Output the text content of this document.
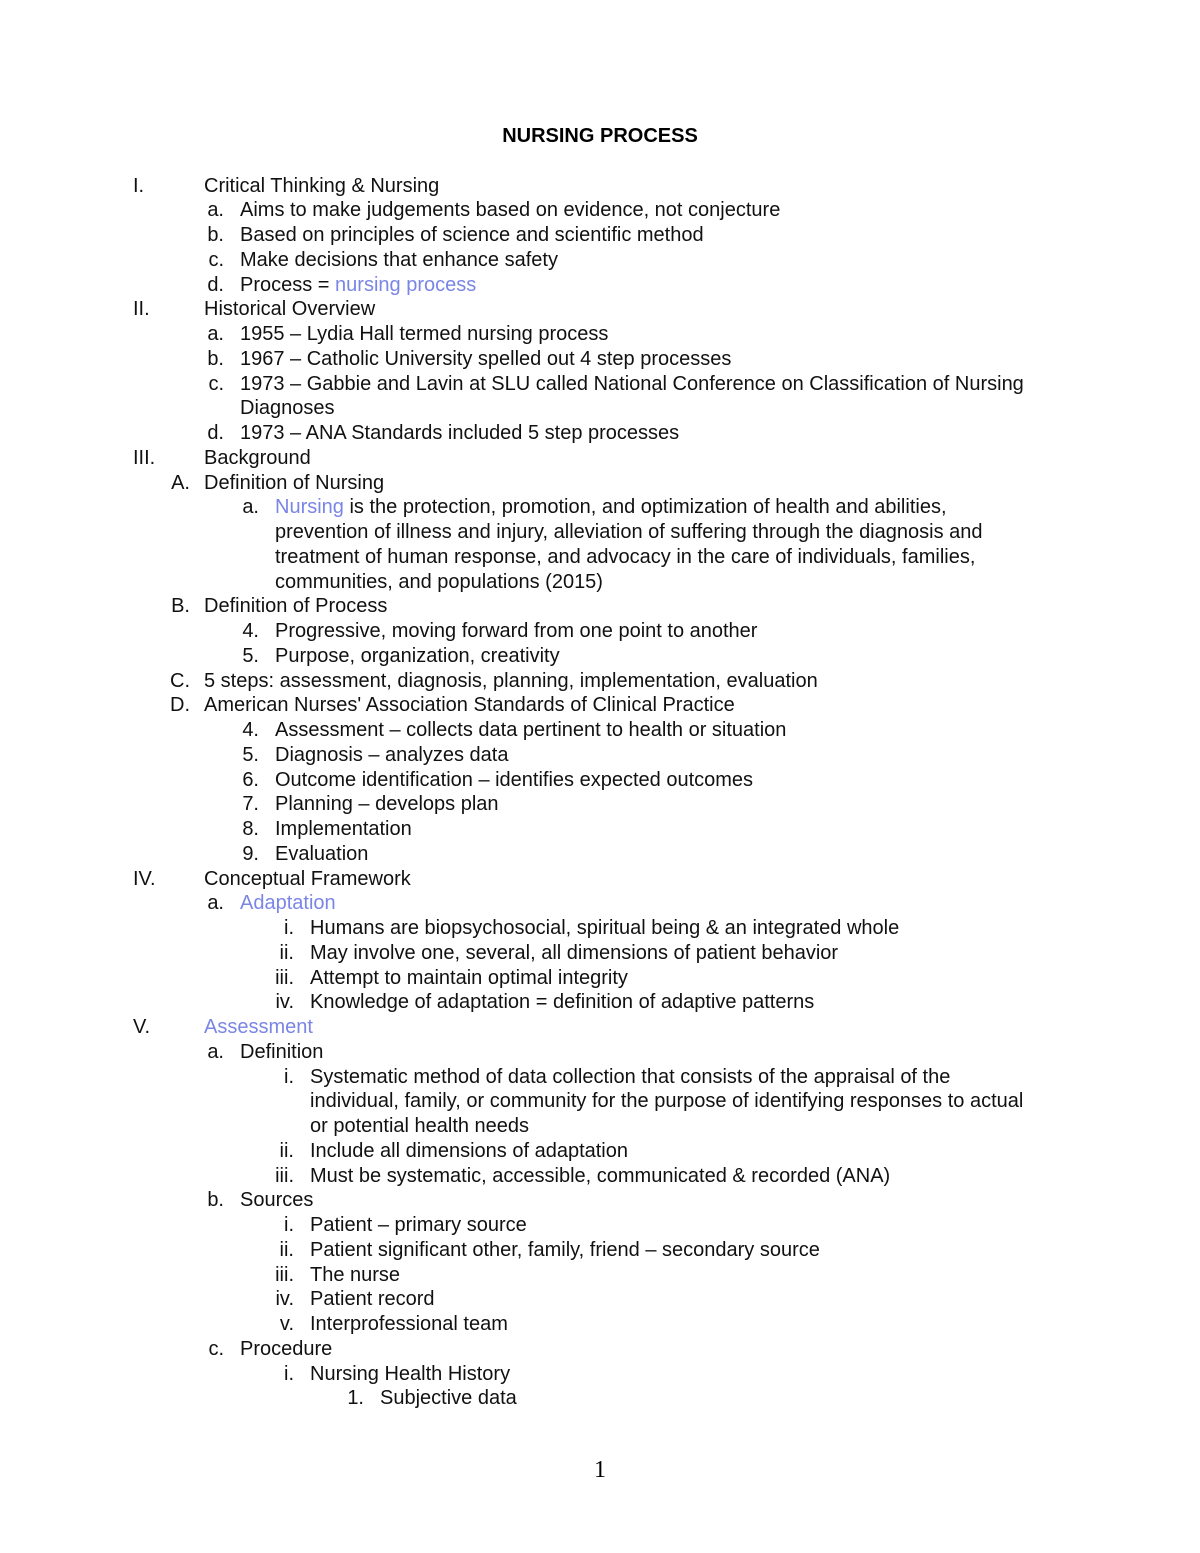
NURSING PROCESS
I.	Critical Thinking & Nursing
a. Aims to make judgements based on evidence, not conjecture
b. Based on principles of science and scientific method
c. Make decisions that enhance safety
d. Process = nursing process
II.	Historical Overview
a. 1955 – Lydia Hall termed nursing process
b. 1967 – Catholic University spelled out 4 step processes
c. 1973 – Gabbie and Lavin at SLU called National Conference on Classification of Nursing
Diagnoses
d. 1973 – ANA Standards included 5 step processes
III. Background
A. Definition of Nursing
a. Nursing is the protection, promotion, and optimization of health and abilities,
prevention of illness and injury, alleviation of suffering through the diagnosis and
treatment of human response, and advocacy in the care of individuals, families,
communities, and populations (2015)
B. Definition of Process
4. Progressive, moving forward from one point to another
5. Purpose, organization, creativity
C. 5 steps: assessment, diagnosis, planning, implementation, evaluation
D. American Nurses' Association Standards of Clinical Practice
4. Assessment – collects data pertinent to health or situation
5. Diagnosis – analyzes data
6. Outcome identification – identifies expected outcomes
7. Planning – develops plan
8. Implementation
9. Evaluation
IV. Conceptual Framework
a. Adaptation
i. Humans are biopsychosocial, spiritual being & an integrated whole
ii. May involve one, several, all dimensions of patient behavior
iii. Attempt to maintain optimal integrity
iv. Knowledge of adaptation = definition of adaptive patterns
V.	Assessment
a. Definition
i. Systematic method of data collection that consists of the appraisal of the
individual, family, or community for the purpose of identifying responses to actual
or potential health needs
ii. Include all dimensions of adaptation
iii. Must be systematic, accessible, communicated & recorded (ANA)
b. Sources
i. Patient – primary source
ii. Patient significant other, family, friend – secondary source
iii. The nurse
iv. Patient record
v. Interprofessional team
c. Procedure
i. Nursing Health History
1. Subjective data
1
